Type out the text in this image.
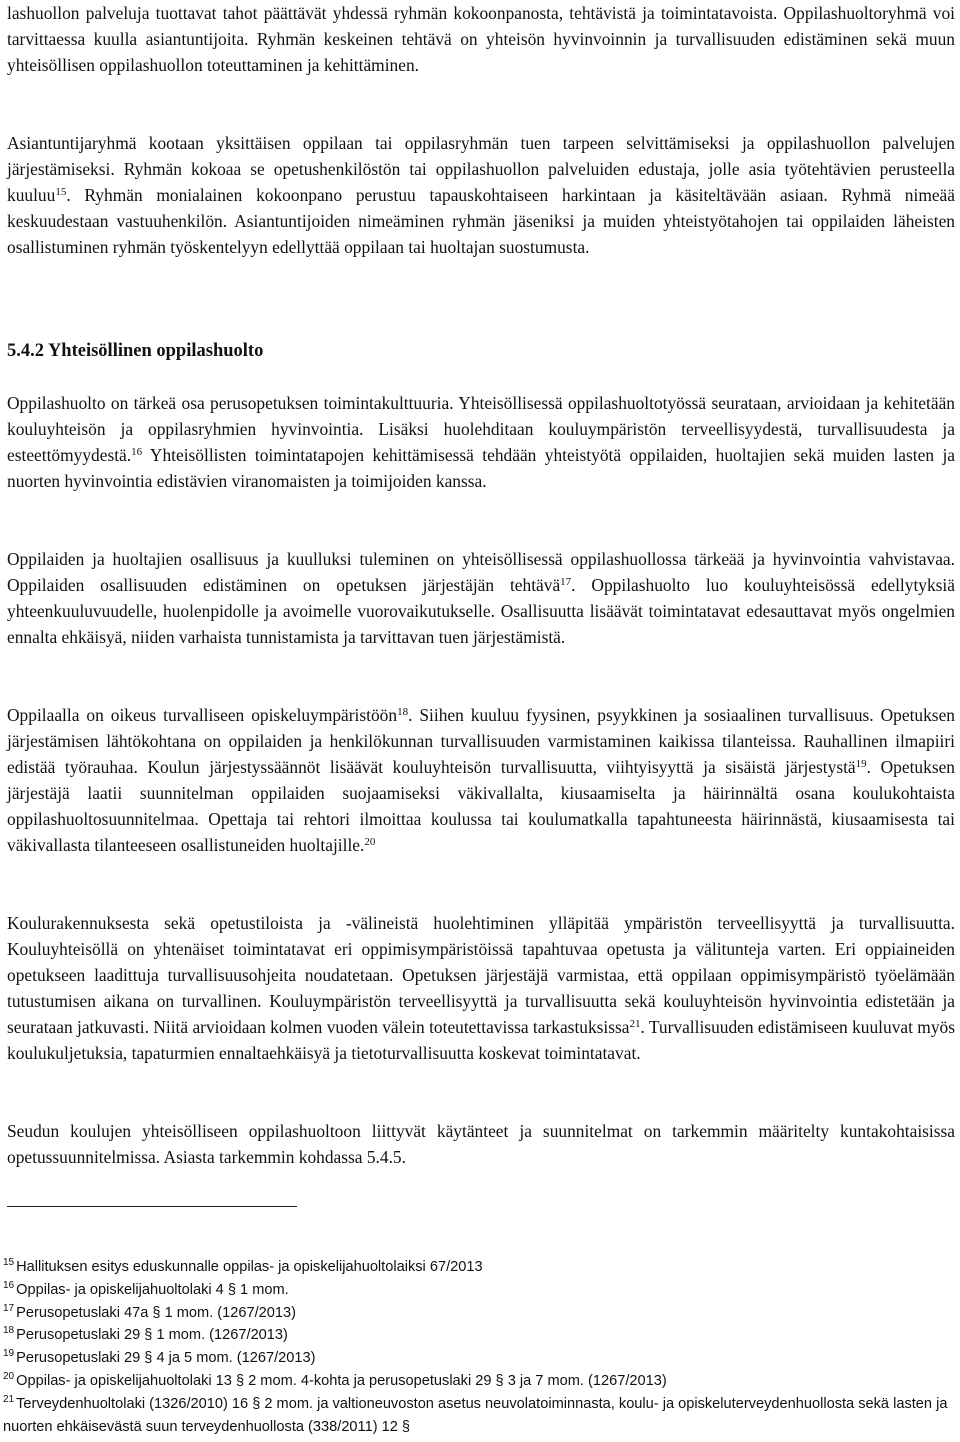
lashuollon palveluja tuottavat tahot päättävät yhdessä ryhmän kokoonpanosta, tehtävistä ja toimintatavoista. Oppilashuoltoryhmä voi tarvittaessa kuulla asiantuntijoita. Ryhmän keskeinen tehtävä on yhteisön hyvinvoinnin ja turvallisuuden edistäminen sekä muun yhteisöllisen oppilashuollon toteuttaminen ja kehittäminen.

Asiantuntijaryhmä kootaan yksittäisen oppilaan tai oppilasryhmän tuen tarpeen selvittämiseksi ja oppilashuollon palvelujen järjestämiseksi. Ryhmän kokoaa se opetushenkilöstön tai oppilashuollon palveluiden edustaja, jolle asia työtehtävien perusteella kuuluu$^{15}$. Ryhmän monialainen kokoonpano perustuu tapauskohtaiseen harkintaan ja käsiteltävään asiaan. Ryhmä nimeää keskuudestaan vastuuhenkilön. Asiantuntijoiden nimeäminen ryhmän jäseniksi ja muiden yhteistyötahojen tai oppilaiden läheisten osallistuminen ryhmän työskentelyyn edellyttää oppilaan tai huoltajan suostumusta.

5.4.2 Yhteisöllinen oppilashuolto

Oppilashuolto on tärkeä osa perusopetuksen toimintakulttuuria. Yhteisöllisessä oppilashuoltotyössä seurataan, arvioidaan ja kehitetään kouluyhteisön ja oppilasryhmien hyvinvointia. Lisäksi huolehditaan kouluympäristön terveellisyydestä, turvallisuudesta ja esteettömyydestä.$^{16}$ Yhteisöllisten toimintatapojen kehittämisessä tehdään yhteistyötä oppilaiden, huoltajien sekä muiden lasten ja nuorten hyvinvointia edistävien viranomaisten ja toimijoiden kanssa.

Oppilaiden ja huoltajien osallisuus ja kuulluksi tuleminen on yhteisöllisessä oppilashuollossa tärkeää ja hyvinvointia vahvistavaa. Oppilaiden osallisuuden edistäminen on opetuksen järjestäjän tehtävä$^{17}$. Oppilashuolto luo kouluyhteisössä edellytyksiä yhteenkuuluvuudelle, huolenpidolle ja avoimelle vuorovaikutukselle. Osallisuutta lisäävät toimintatavat edesauttavat myös ongelmien ennalta ehkäisyä, niiden varhaista tunnistamista ja tarvittavan tuen järjestämistä.

Oppilaalla on oikeus turvalliseen opiskeluympäristöön$^{18}$. Siihen kuuluu fyysinen, psyykkinen ja sosiaalinen turvallisuus. Opetuksen järjestämisen lähtökohtana on oppilaiden ja henkilökunnan turvallisuuden varmistaminen kaikissa tilanteissa. Rauhallinen ilmapiiri edistää työrauhaa. Koulun järjestyssäännöt lisäävät kouluyhteisön turvallisuutta, viihtyisyyttä ja sisäistä järjestystä$^{19}$. Opetuksen järjestäjä laatii suunnitelman oppilaiden suojaamiseksi väkivallalta, kiusaamiselta ja häirinnältä osana koulukohtaista oppilashuoltosuunnitelmaa. Opettaja tai rehtori ilmoittaa koulussa tai koulumatkalla tapahtuneesta häirinnästä, kiusaamisesta tai väkivallasta tilanteeseen osallistuneiden huoltajille.$^{20}$

Koulurakennuksesta sekä opetustiloista ja -välineistä huolehtiminen ylläpitää ympäristön terveellisyyttä ja turvallisuutta. Kouluyhteisöllä on yhtenäiset toimintatavat eri oppimisympäristöissä tapahtuvaa opetusta ja välitunteja varten. Eri oppiaineiden opetukseen laadittuja turvallisuusohjeita noudatetaan. Opetuksen järjestäjä varmistaa, että oppilaan oppimisympäristö työelämään tutustumisen aikana on turvallinen. Kouluympäristön terveellisyyttä ja turvallisuutta sekä kouluyhteisön hyvinvointia edistetään ja seurataan jatkuvasti. Niitä arvioidaan kolmen vuoden välein toteutettavissa tarkastuksissa$^{21}$. Turvallisuuden edistämiseen kuuluvat myös koulukuljetuksia, tapaturmien ennaltaehkäisyä ja tietoturvallisuutta koskevat toimintatavat.

Seudun koulujen yhteisölliseen oppilashuoltoon liittyvät käytänteet ja suunnitelmat on tarkemmin määritelty kuntakohtaisissa opetussuunnitelmissa. Asiasta tarkemmin kohdassa 5.4.5.

$^{15}$ Hallituksen esitys eduskunnalle oppilas- ja opiskelijahuoltolaiksi 67/2013
$^{16}$ Oppilas- ja opiskelijahuoltolaki 4 § 1 mom.
$^{17}$ Perusopetuslaki 47a § 1 mom. (1267/2013)
$^{18}$ Perusopetuslaki 29 § 1 mom. (1267/2013)
$^{19}$ Perusopetuslaki 29 § 4 ja 5 mom. (1267/2013)
$^{20}$ Oppilas- ja opiskelijahuoltolaki 13 § 2 mom. 4-kohta ja perusopetuslaki 29 § 3 ja 7 mom. (1267/2013)
$^{21}$ Terveydenhuoltolaki (1326/2010) 16 § 2 mom. ja valtioneuvoston asetus neuvolatoiminnasta, koulu- ja opiskeluterveydenhuollosta sekä lasten ja nuorten ehkäisevästä suun terveydenhuollosta (338/2011) 12 §
